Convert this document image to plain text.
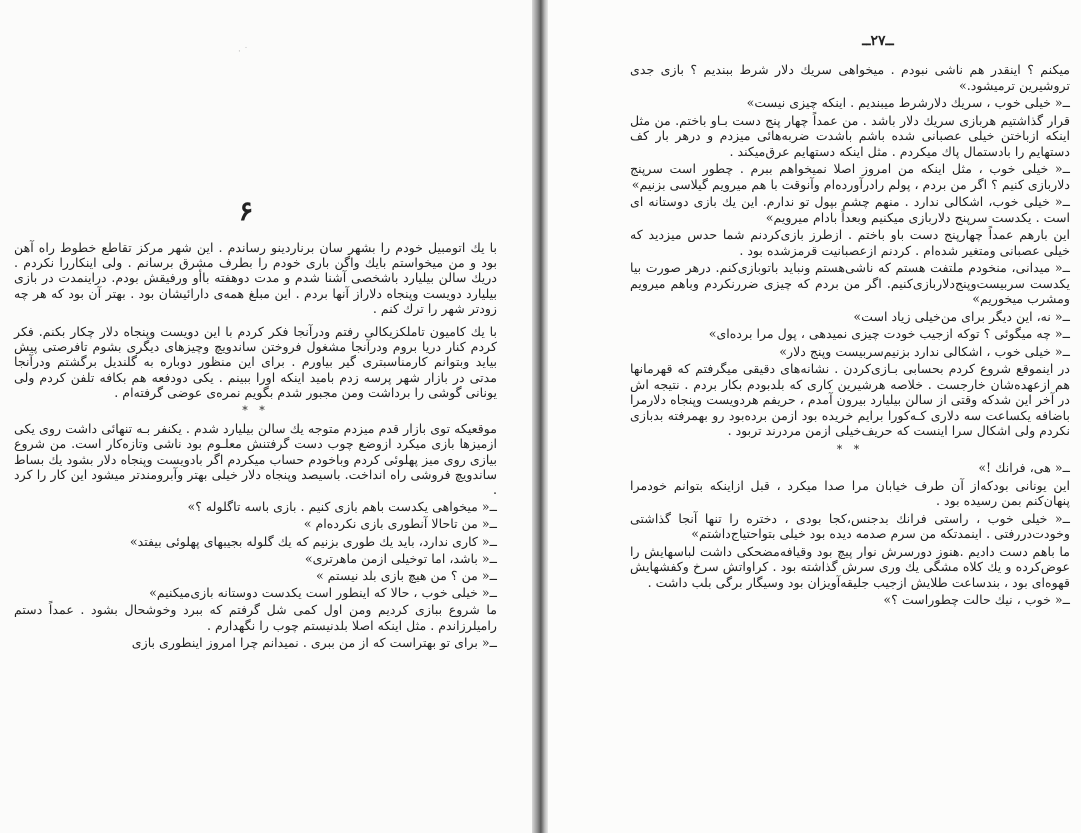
· ˙
۶

با یك اتومبیل خودم را بشهر سان برناردینو رساندم . این شهر مرکز تقاطع خطوط راه آهن بود و من میخواستم بایك واگن باری خودم را بطرف مشرق برسانم . ولی اینکاررا نکردم . دریك سالن بیلیارد باشخصی آشنا شدم و مدت دوهفته باأو ورفیقش بودم. دراینمدت در بازی بیلیارد دویست وپنجاه دلاراز آنها بردم . این مبلغ همه‌ی دارائیشان بود . بهتر آن بود که هر چه زودتر شهر را ترك کنم .

با یك کامیون تاملکزیکالی رفتم ودرآنجا فکر کردم با این دویست وپنجاه دلار چکار بکنم. فکر کردم کنار دریا بروم ودرآنجا مشغول فروختن ساندویچ وچیزهای دیگری بشوم تافرصتی پیش بیاید وبتوانم کارمناسبتری گیر بیاورم . برای این منظور دوباره به گلندیل برگشتم ودرآنجا مدتی در بازار شهر پرسه زدم بامید اینکه اورا ببینم . یکی دودفعه هم بکافه تلفن کردم ولی یونانی گوشی را برداشت ومن مجبور شدم بگویم نمره‌ی عوضی گرفته‌ام .

* *

موقعیکه توی بازار قدم میزدم متوجه یك سالن بیلیارد شدم . یکنفر بـه تنهائی داشت روی یکی ازمیزها بازی میکرد ازوضع چوب دست گرفتنش معلـوم بود ناشی وتازه‌کار است. من شروع بیازی روی میز پهلوئی کردم وباخودم حساب میکردم اگر بادویست وپنجاه دلار بشود یك بساط ساندویچ فروشی راه انداخت. باسیصد وپنجاه دلار خیلی بهتر وآبرومندتر میشود این کار را کرد .

ــ« میخواهی یکدست باهم بازی کنیم . بازی باسه تاگلوله ؟»

ــ« من تاحالا آنطوری بازی نکرده‌ام »

ــ« کاری ندارد، باید یك طوری بزنیم که یك گلوله بجیبهای پهلوئی بیفتد»

ــ« باشد، اما توخیلی ازمن ماهرتری»

ــ« من ؟ من هیچ بازی بلد نیستم »

ــ« خیلی خوب ، حالا که اینطور است یکدست دوستانه بازی‌میکنیم»

ما شروع ببازی کردیم ومن اول کمی شل گرفتم که ببرد وخوشحال بشود . عمداً دستم رامیلرزاندم . مثل اینکه اصلا بلدنیستم چوب را نگهدارم .

ــ« برای تو بهتراست که از من ببری . نمیدانم چرا امروز اینطوری بازی

ــ۲۷ــ

میکنم ؟ اینقدر هم ناشی نبودم . میخواهی سریك دلار شرط ببندیم ؟ بازی جدی تروشیرین ترمیشود.»

ــ« خیلی خوب ، سریك دلارشرط میبندیم . اینکه چیزی نیست»

قرار گذاشتیم هربازی سریك دلار باشد . من عمداً چهار پنج دست بـاو باختم. من مثل اینکه ازباختن خیلی عصبانی شده باشم باشدت ضربه‌هائی میزدم و درهر بار کف دستهایم را بادستمال پاك میکردم . مثل اینکه دستهایم عرق‌میکند .

ــ« خیلی خوب ، مثل اینکه من امروز اصلا نمیخواهم ببرم . چطور است سرپنج دلاربازی کنیم ؟ اگر من بردم ، پولم رادرآورده‌ام وآنوقت با هم میرویم گیلاسی بزنیم»

ــ« خیلی خوب، اشکالی ندارد . منهم چشم بپول تو ندارم. این یك بازی دوستانه ای است . یکدست سرپنج دلاربازی میکنیم وبعداً بادام میرویم»

این بارهم عمداً چهارپنج دست باو باختم . ازطرز بازی‌کردنم شما حدس میزدید که خیلی عصبانی ومتغیر شده‌ام . کردنم ازعصبانیت قرمزشده بود .

ــ« میدانی، منخودم ملتفت هستم که ناشی‌هستم ونباید باتوبازی‌کنم. درهر صورت بیا یکدست سربیست‌وپنج‌دلاربازی‌کنیم. اگر من بردم که چیزی ضررنکردم وباهم میرویم ومشرب میخوریم»

ــ« نه، این دیگر برای من‌خیلی زیاد است»

ــ« چه میگوئی ؟ توکه ازجیب خودت چیزی نمیدهی ، پول مرا برده‌ای»

ــ« خیلی خوب ، اشکالی ندارد بزنیم‌سربیست وپنج دلار»

در اینموقع شروع کردم بحسابی بـازی‌کردن . نشانه‌های دقیقی میگرفتم که قهرمانها هم ازعهده‌شان خارجست . خلاصه هرشیرین کاری که بلدبودم بکار بردم . نتیجه اش در آخر این شدکه وقتی از سالن بیلیارد بیرون آمدم ، حریفم هردویست وپنجاه دلارمرا باضافه یکساعت سه دلاری کـه‌کورا برایم خریده بود ازمن برده‌بود رو بهمرفته بدبازی نکردم ولی اشکال سرا اینست که حریف‌خیلی ازمن مردرند تربود .

* *

ــ« هی، فرانك !»

این یونانی بودکه‌از آن طرف خیابان مرا صدا میکرد ، قبل ازاینکه بتوانم خودمرا پنهان‌کنم بمن رسیده بود .

ــ« خیلی خوب ، راستی فرانك بدجنس،کجا بودی ، دختره را تنها آنجا گذاشتی وخودت‌دررفتی . اینمدتکه من سرم صدمه دیده بود خیلی بتواحتیاج‌داشتم»

ما باهم دست دادیم .هنوز دورسرش نوار پیچ بود وقیافه‌مضحکی داشت لباسهایش را عوض‌کرده و یك کلاه مشگی یك وری سرش گذاشته بود . کراواتش سرخ وکفشهایش قهوه‌ای بود ، بندساعت طلایش ازجیب جلیقه‌آویزان بود وسیگار برگی بلب داشت .

ــ« خوب ، نیك حالت چطوراست ؟»
